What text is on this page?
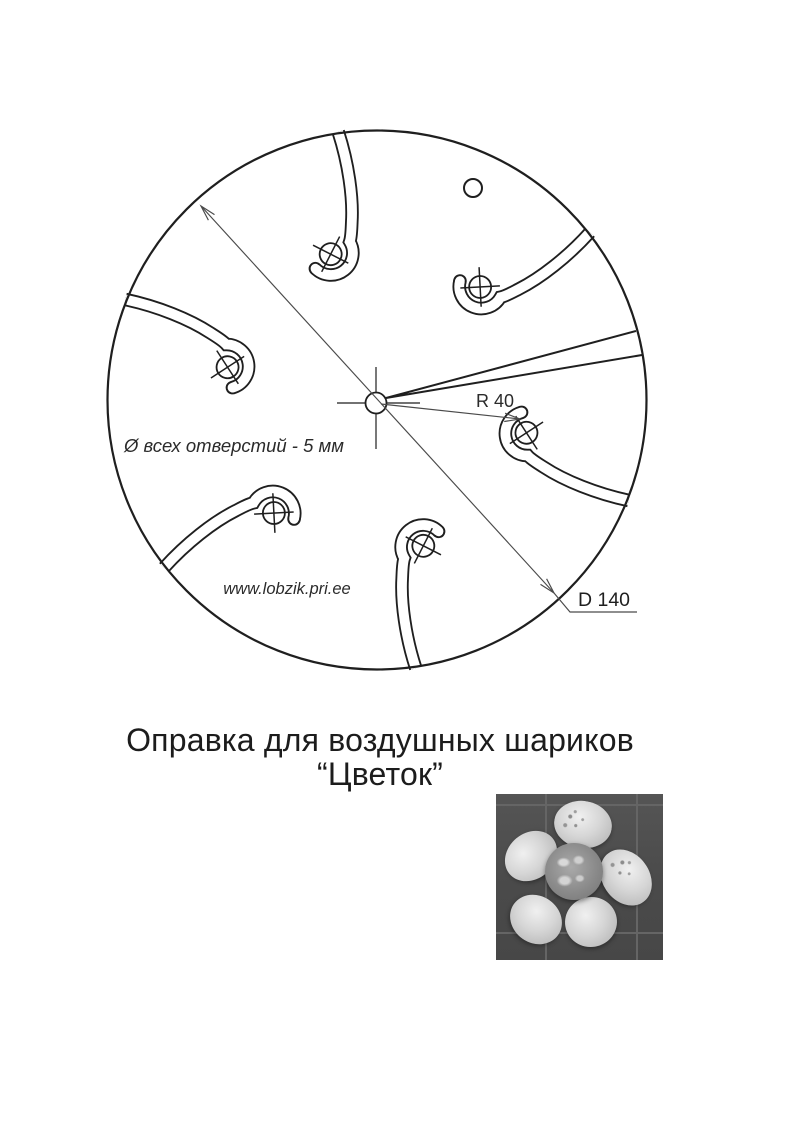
Ø всех отверстий - 5 мм
R 40
D 140
www.lobzik.pri.ee
Оправка для воздушных шариков
“Цветок”
